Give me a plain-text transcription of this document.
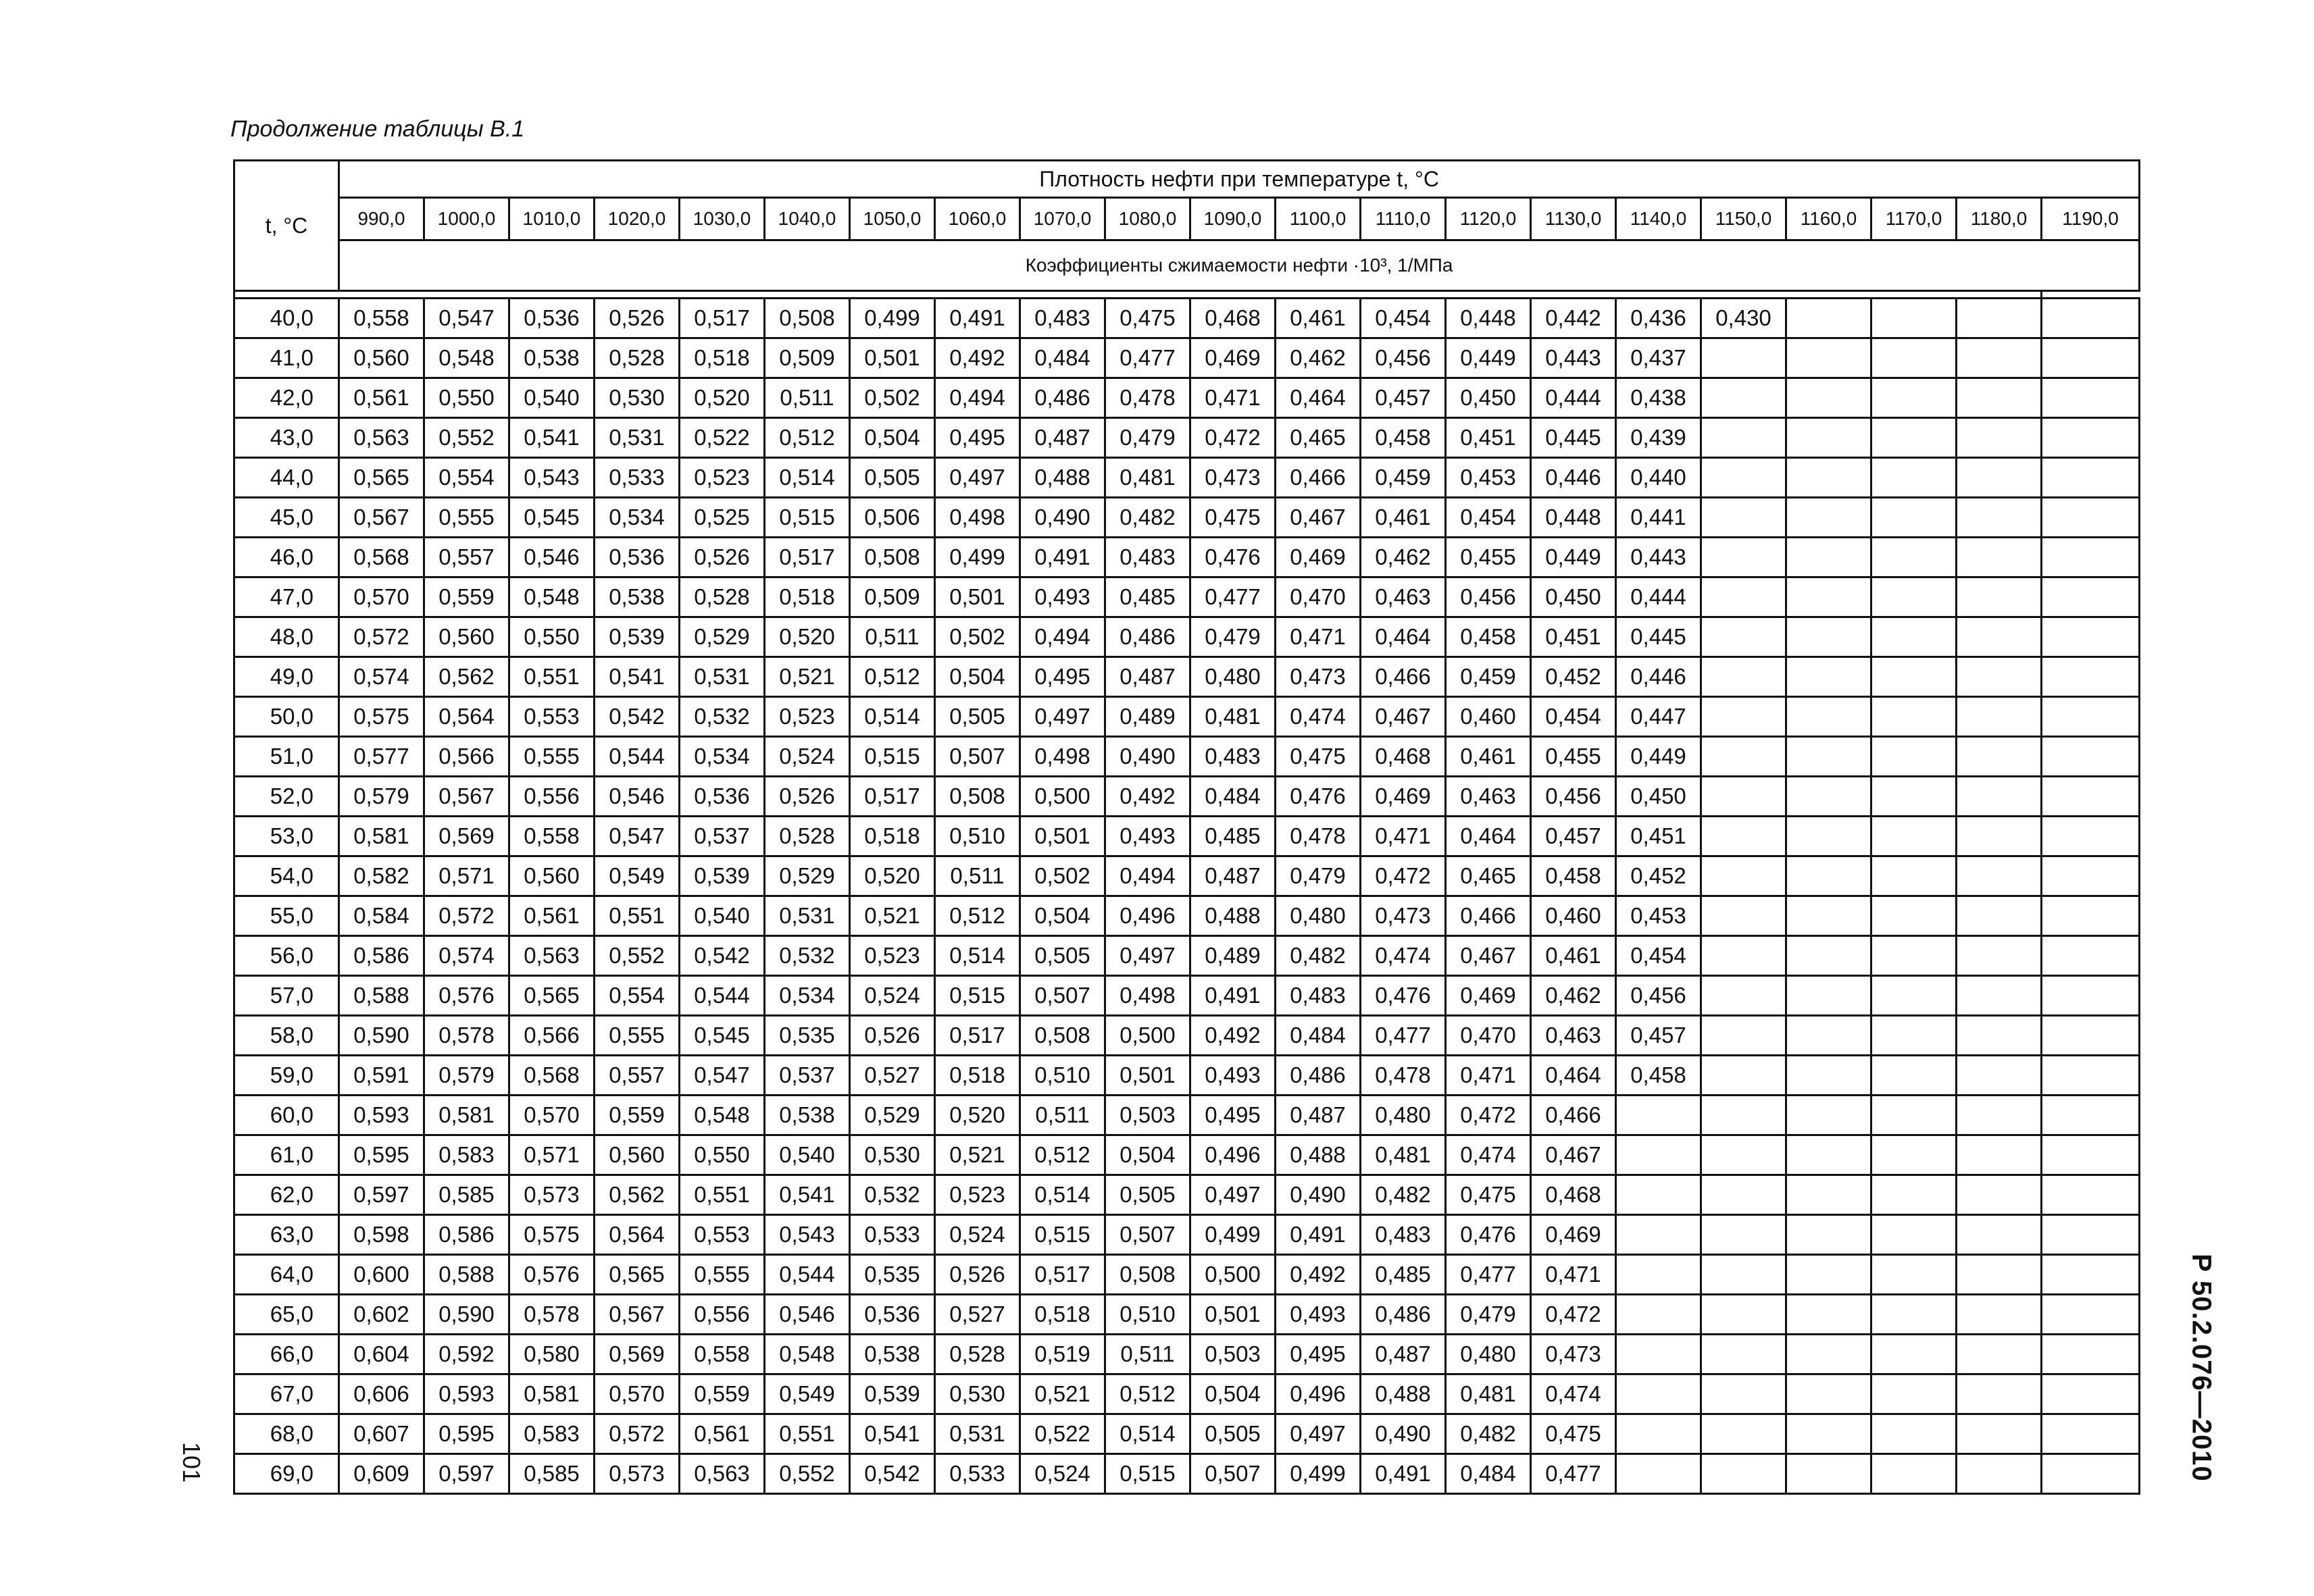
Продолжение таблицы В.1
t, °C	Плотность нефти при температуре t, °C																				
	990,0	1000,0	1010,0	1020,0	1030,0	1040,0	1050,0	1060,0	1070,0	1080,0	1090,0	1100,0	1110,0	1120,0	1130,0	1140,0	1150,0	1160,0	1170,0	1180,0	1190,0
	Коэффициенты сжимаемости нефти ·10³, 1/МПа																				

40,0	0,558	0,547	0,536	0,526	0,517	0,508	0,499	0,491	0,483	0,475	0,468	0,461	0,454	0,448	0,442	0,436	0,430				
41,0	0,560	0,548	0,538	0,528	0,518	0,509	0,501	0,492	0,484	0,477	0,469	0,462	0,456	0,449	0,443	0,437					
42,0	0,561	0,550	0,540	0,530	0,520	0,511	0,502	0,494	0,486	0,478	0,471	0,464	0,457	0,450	0,444	0,438					
43,0	0,563	0,552	0,541	0,531	0,522	0,512	0,504	0,495	0,487	0,479	0,472	0,465	0,458	0,451	0,445	0,439					
44,0	0,565	0,554	0,543	0,533	0,523	0,514	0,505	0,497	0,488	0,481	0,473	0,466	0,459	0,453	0,446	0,440					
45,0	0,567	0,555	0,545	0,534	0,525	0,515	0,506	0,498	0,490	0,482	0,475	0,467	0,461	0,454	0,448	0,441					
46,0	0,568	0,557	0,546	0,536	0,526	0,517	0,508	0,499	0,491	0,483	0,476	0,469	0,462	0,455	0,449	0,443					
47,0	0,570	0,559	0,548	0,538	0,528	0,518	0,509	0,501	0,493	0,485	0,477	0,470	0,463	0,456	0,450	0,444					
48,0	0,572	0,560	0,550	0,539	0,529	0,520	0,511	0,502	0,494	0,486	0,479	0,471	0,464	0,458	0,451	0,445					
49,0	0,574	0,562	0,551	0,541	0,531	0,521	0,512	0,504	0,495	0,487	0,480	0,473	0,466	0,459	0,452	0,446					
50,0	0,575	0,564	0,553	0,542	0,532	0,523	0,514	0,505	0,497	0,489	0,481	0,474	0,467	0,460	0,454	0,447					
51,0	0,577	0,566	0,555	0,544	0,534	0,524	0,515	0,507	0,498	0,490	0,483	0,475	0,468	0,461	0,455	0,449					
52,0	0,579	0,567	0,556	0,546	0,536	0,526	0,517	0,508	0,500	0,492	0,484	0,476	0,469	0,463	0,456	0,450					
53,0	0,581	0,569	0,558	0,547	0,537	0,528	0,518	0,510	0,501	0,493	0,485	0,478	0,471	0,464	0,457	0,451					
54,0	0,582	0,571	0,560	0,549	0,539	0,529	0,520	0,511	0,502	0,494	0,487	0,479	0,472	0,465	0,458	0,452					
55,0	0,584	0,572	0,561	0,551	0,540	0,531	0,521	0,512	0,504	0,496	0,488	0,480	0,473	0,466	0,460	0,453					
56,0	0,586	0,574	0,563	0,552	0,542	0,532	0,523	0,514	0,505	0,497	0,489	0,482	0,474	0,467	0,461	0,454					
57,0	0,588	0,576	0,565	0,554	0,544	0,534	0,524	0,515	0,507	0,498	0,491	0,483	0,476	0,469	0,462	0,456					
58,0	0,590	0,578	0,566	0,555	0,545	0,535	0,526	0,517	0,508	0,500	0,492	0,484	0,477	0,470	0,463	0,457					
59,0	0,591	0,579	0,568	0,557	0,547	0,537	0,527	0,518	0,510	0,501	0,493	0,486	0,478	0,471	0,464	0,458					
60,0	0,593	0,581	0,570	0,559	0,548	0,538	0,529	0,520	0,511	0,503	0,495	0,487	0,480	0,472	0,466						
61,0	0,595	0,583	0,571	0,560	0,550	0,540	0,530	0,521	0,512	0,504	0,496	0,488	0,481	0,474	0,467						
62,0	0,597	0,585	0,573	0,562	0,551	0,541	0,532	0,523	0,514	0,505	0,497	0,490	0,482	0,475	0,468						
63,0	0,598	0,586	0,575	0,564	0,553	0,543	0,533	0,524	0,515	0,507	0,499	0,491	0,483	0,476	0,469						
64,0	0,600	0,588	0,576	0,565	0,555	0,544	0,535	0,526	0,517	0,508	0,500	0,492	0,485	0,477	0,471						
65,0	0,602	0,590	0,578	0,567	0,556	0,546	0,536	0,527	0,518	0,510	0,501	0,493	0,486	0,479	0,472						
66,0	0,604	0,592	0,580	0,569	0,558	0,548	0,538	0,528	0,519	0,511	0,503	0,495	0,487	0,480	0,473						
67,0	0,606	0,593	0,581	0,570	0,559	0,549	0,539	0,530	0,521	0,512	0,504	0,496	0,488	0,481	0,474						
68,0	0,607	0,595	0,583	0,572	0,561	0,551	0,541	0,531	0,522	0,514	0,505	0,497	0,490	0,482	0,475						
69,0	0,609	0,597	0,585	0,573	0,563	0,552	0,542	0,533	0,524	0,515	0,507	0,499	0,491	0,484	0,477							Р 50.2.076—2010
101
